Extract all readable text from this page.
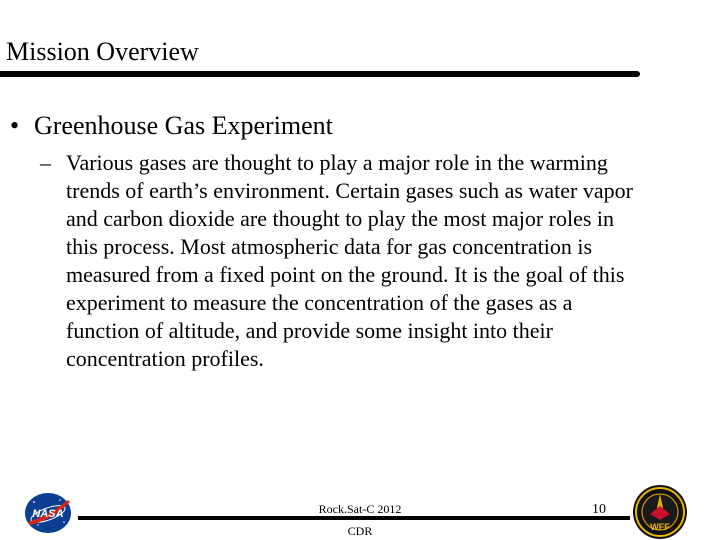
Mission Overview
• Greenhouse Gas Experiment
– Various gases are thought to play a major role in the warming trends of earth’s environment. Certain gases such as water vapor and carbon dioxide are thought to play the most major roles in this process. Most atmospheric data for gas concentration is measured from a fixed point on the ground. It is the goal of this experiment to measure the concentration of the gases as a function of altitude, and provide some insight into their concentration profiles.
NASA	Rock.Sat-C 2012
CDR
10
WFF
